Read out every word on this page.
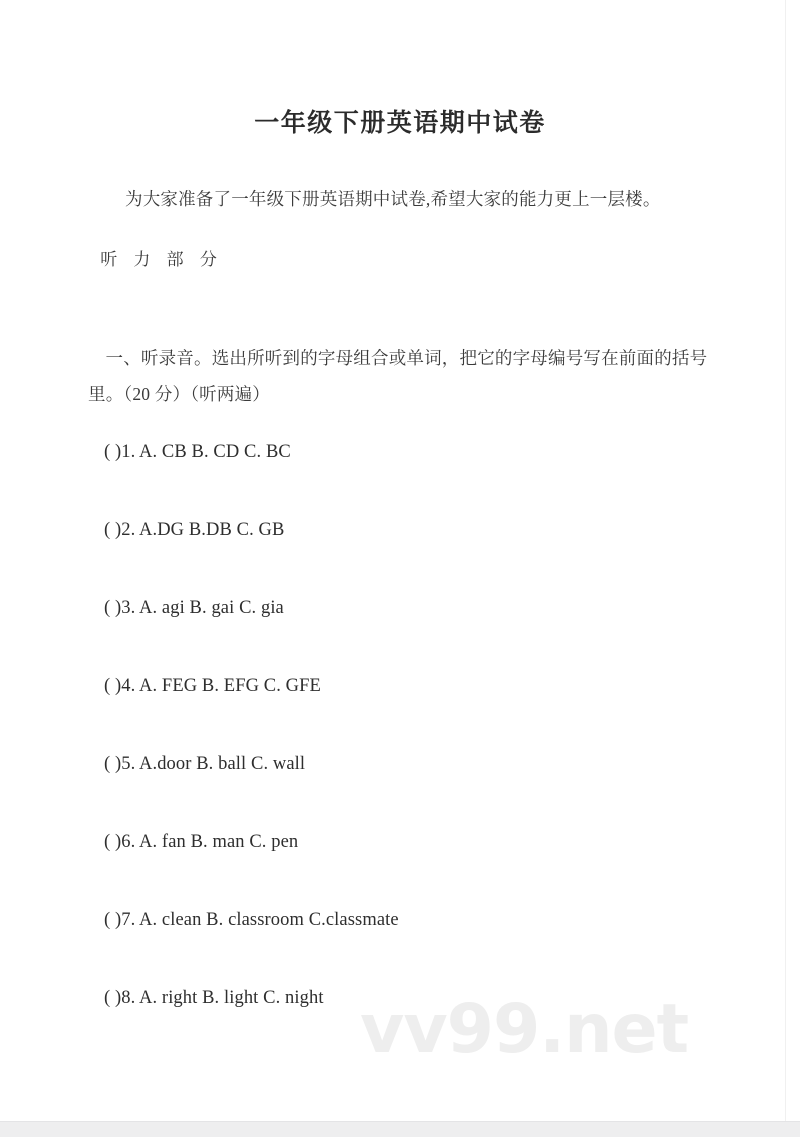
一年级下册英语期中试卷

为大家准备了一年级下册英语期中试卷,希望大家的能力更上一层楼。

听 力 部 分

一、听录音。选出所听到的字母组合或单词，把它的字母编号写在前面的括号里。（20 分）（听两遍）

( )1. A. CB B. CD C. BC
( )2. A.DG B.DB C. GB
( )3. A. agi B. gai C. gia
( )4. A. FEG B. EFG C. GFE
( )5. A.door B. ball C. wall
( )6. A. fan B. man C. pen
( )7. A. clean B. classroom C.classmate
( )8. A. right B. light C. night vv99.net
